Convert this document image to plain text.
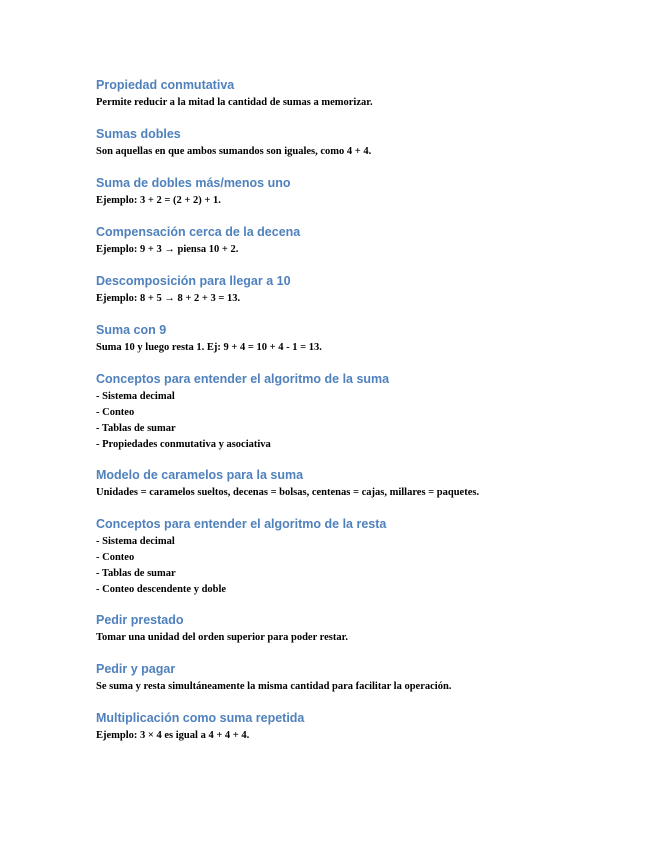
Propiedad conmutativa
Permite reducir a la mitad la cantidad de sumas a memorizar.
Sumas dobles
Son aquellas en que ambos sumandos son iguales, como 4 + 4.
Suma de dobles más/menos uno
Ejemplo: 3 + 2 = (2 + 2) + 1.
Compensación cerca de la decena
Ejemplo: 9 + 3 → piensa 10 + 2.
Descomposición para llegar a 10
Ejemplo: 8 + 5 → 8 + 2 + 3 = 13.
Suma con 9
Suma 10 y luego resta 1. Ej: 9 + 4 = 10 + 4 - 1 = 13.
Conceptos para entender el algoritmo de la suma
- Sistema decimal
- Conteo
- Tablas de sumar
- Propiedades conmutativa y asociativa
Modelo de caramelos para la suma
Unidades = caramelos sueltos, decenas = bolsas, centenas = cajas, millares = paquetes.
Conceptos para entender el algoritmo de la resta
- Sistema decimal
- Conteo
- Tablas de sumar
- Conteo descendente y doble
Pedir prestado
Tomar una unidad del orden superior para poder restar.
Pedir y pagar
Se suma y resta simultáneamente la misma cantidad para facilitar la operación.
Multiplicación como suma repetida
Ejemplo: 3 × 4 es igual a 4 + 4 + 4.
